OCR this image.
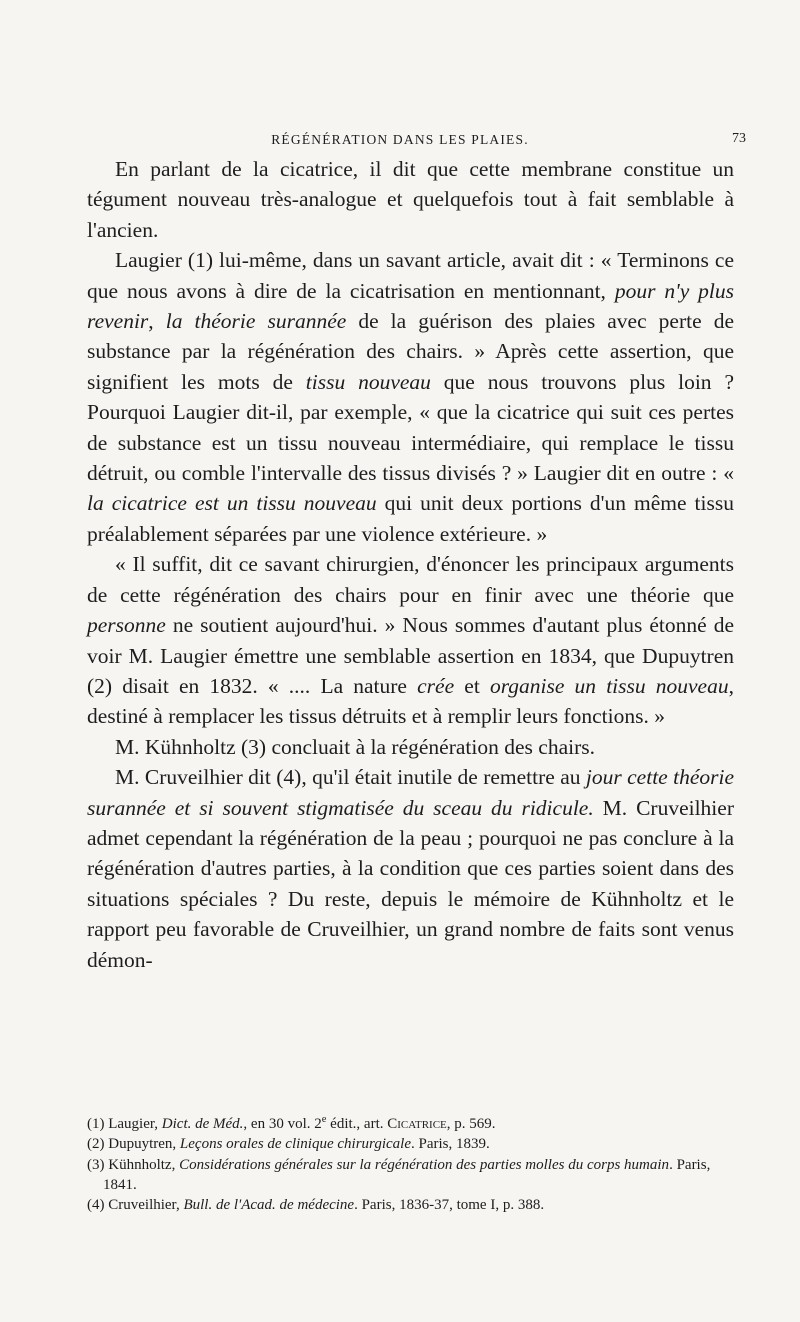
RÉGÉNÉRATION DANS LES PLAIES.	73

En parlant de la cicatrice, il dit que cette membrane constitue un tégument nouveau très-analogue et quelquefois tout à fait semblable à l'ancien.

Laugier (1) lui-même, dans un savant article, avait dit : « Terminons ce que nous avons à dire de la cicatrisation en mentionnant, pour n'y plus revenir, la théorie surannée de la guérison des plaies avec perte de substance par la régénération des chairs. » Après cette assertion, que signifient les mots de tissu nouveau que nous trouvons plus loin ? Pourquoi Laugier dit-il, par exemple, « que la cicatrice qui suit ces pertes de substance est un tissu nouveau intermédiaire, qui remplace le tissu détruit, ou comble l'intervalle des tissus divisés ? » Laugier dit en outre : « la cicatrice est un tissu nouveau qui unit deux portions d'un même tissu préalablement séparées par une violence extérieure. »

« Il suffit, dit ce savant chirurgien, d'énoncer les principaux arguments de cette régénération des chairs pour en finir avec une théorie que personne ne soutient aujourd'hui. » Nous sommes d'autant plus étonné de voir M. Laugier émettre une semblable assertion en 1834, que Dupuytren (2) disait en 1832. « .... La nature crée et organise un tissu nouveau, destiné à remplacer les tissus détruits et à remplir leurs fonctions. »

M. Kühnholtz (3) concluait à la régénération des chairs.

M. Cruveilhier dit (4), qu'il était inutile de remettre au jour cette théorie surannée et si souvent stigmatisée du sceau du ridicule. M. Cruveilhier admet cependant la régénération de la peau ; pourquoi ne pas conclure à la régénération d'autres parties, à la condition que ces parties soient dans des situations spéciales ? Du reste, depuis le mémoire de Kühnholtz et le rapport peu favorable de Cruveilhier, un grand nombre de faits sont venus démon-

(1) Laugier, Dict. de Méd., en 30 vol. 2e édit., art. Cicatrice, p. 569.

(2) Dupuytren, Leçons orales de clinique chirurgicale. Paris, 1839.

(3) Kühnholtz, Considérations générales sur la régénération des parties molles du corps humain. Paris, 1841.

(4) Cruveilhier, Bull. de l'Acad. de médecine. Paris, 1836-37, tome I, p. 388.
